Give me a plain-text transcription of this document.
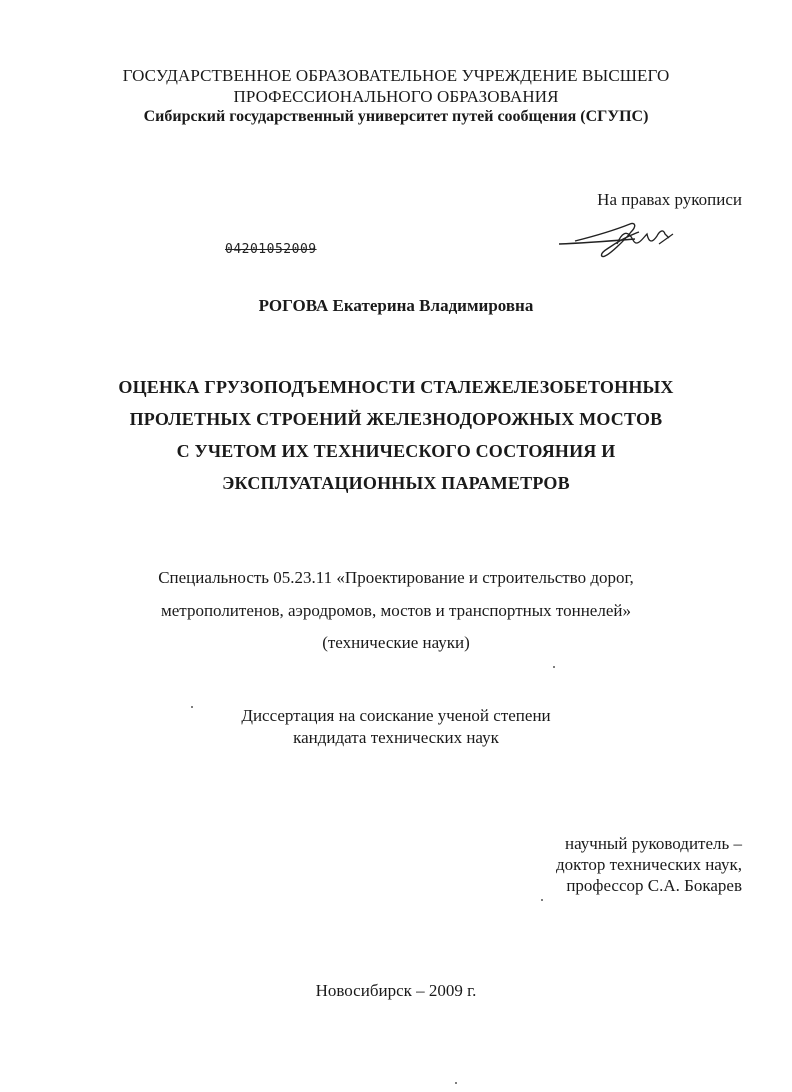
ГОСУДАРСТВЕННОЕ ОБРАЗОВАТЕЛЬНОЕ УЧРЕЖДЕНИЕ ВЫСШЕГО
ПРОФЕССИОНАЛЬНОГО ОБРАЗОВАНИЯ
Сибирский государственный университет путей сообщения (СГУПС)
На правах рукописи
04201052009
РОГОВА Екатерина Владимировна
ОЦЕНКА ГРУЗОПОДЪЕМНОСТИ СТАЛЕЖЕЛЕЗОБЕТОННЫХ
ПРОЛЕТНЫХ СТРОЕНИЙ ЖЕЛЕЗНОДОРОЖНЫХ МОСТОВ
С УЧЕТОМ ИХ ТЕХНИЧЕСКОГО СОСТОЯНИЯ И
ЭКСПЛУАТАЦИОННЫХ ПАРАМЕТРОВ
Специальность 05.23.11 «Проектирование и строительство дорог,
метрополитенов, аэродромов, мостов и транспортных тоннелей»
(технические науки)
Диссертация на соискание ученой степени
кандидата технических наук
научный руководитель –
доктор технических наук,
профессор С.А. Бокарев
Новосибирск – 2009 г.
